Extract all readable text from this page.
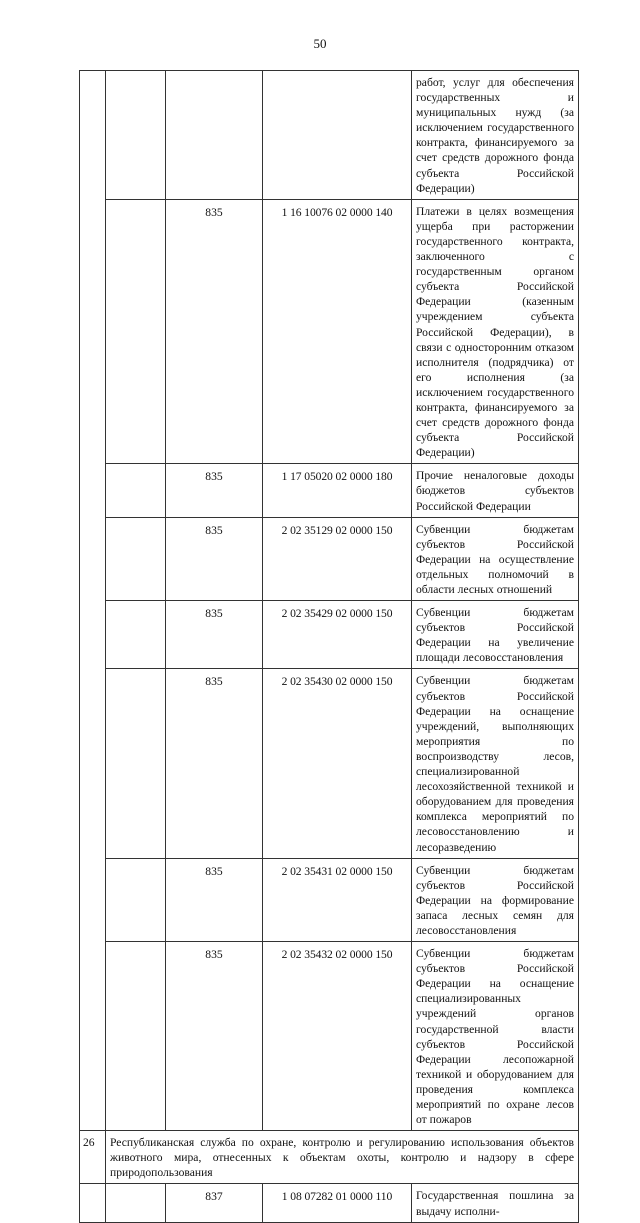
50
				работ, услуг для обеспечения государственных и муниципальных нужд (за исключением государственного контракта, финансируемого за счет средств дорожного фонда субъекта Российской Федерации)
		835	1 16 10076 02 0000 140	Платежи в целях возмещения ущерба при расторжении государственного контракта, заключенного с государственным органом субъекта Российской Федерации (казенным учреждением субъекта Российской Федерации), в связи с односторонним отказом исполнителя (подрядчика) от его исполнения (за исключением государственного контракта, финансируемого за счет средств дорожного фонда субъекта Российской Федерации)
		835	1 17 05020 02 0000 180	Прочие неналоговые доходы бюджетов субъектов Российской Федерации
		835	2 02 35129 02 0000 150	Субвенции бюджетам субъектов Российской Федерации на осуществление отдельных полномочий в области лесных отношений
		835	2 02 35429 02 0000 150	Субвенции бюджетам субъектов Российской Федерации на увеличение площади лесовосстановления
		835	2 02 35430 02 0000 150	Субвенции бюджетам субъектов Российской Федерации на оснащение учреждений, выполняющих мероприятия по воспроизводству лесов, специализированной лесохозяйственной техникой и оборудованием для проведения комплекса мероприятий по лесовосстановлению и лесоразведению
		835	2 02 35431 02 0000 150	Субвенции бюджетам субъектов Российской Федерации на формирование запаса лесных семян для лесовосстановления
		835	2 02 35432 02 0000 150	Субвенции бюджетам субъектов Российской Федерации на оснащение специализированных учреждений органов государственной власти субъектов Российской Федерации лесопожарной техникой и оборудованием для проведения комплекса мероприятий по охране лесов от пожаров
26	Республиканская служба по охране, контролю и регулированию использования объектов животного мира, отнесенных к объектам охоты, контролю и надзору в сфере природопользования			
		837	1 08 07282 01 0000 110	Государственная пошлина за выдачу исполни-
